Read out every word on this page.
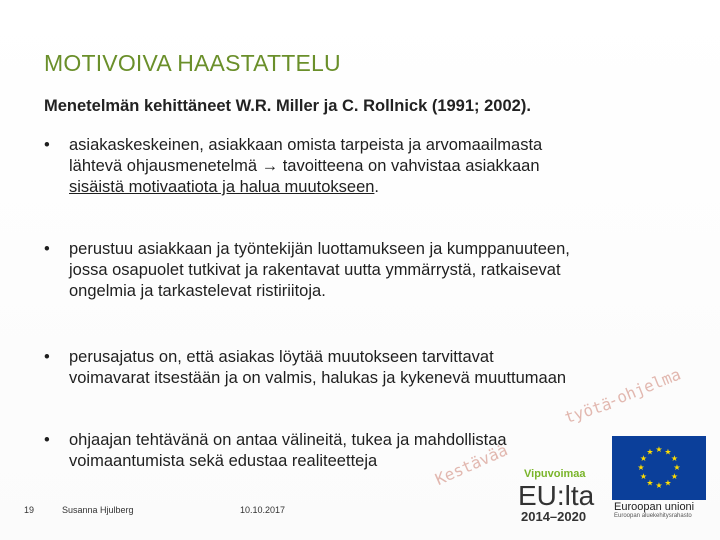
MOTIVOIVA HAASTATTELU
Menetelmän kehittäneet W.R. Miller ja C. Rollnick (1991; 2002).
Kestävää
työtä
-ohjelma
•	asiakaskeskeinen, asiakkaan omista tarpeista ja arvomaailmasta
lähtevä ohjausmenetelmä → tavoitteena on vahvistaa asiakkaan
sisäistä motivaatiota ja halua muutokseen.
•	perustuu asiakkaan ja työntekijän luottamukseen ja kumppanuuteen,
jossa osapuolet tutkivat ja rakentavat uutta ymmärrystä, ratkaisevat
ongelmia ja tarkastelevat ristiriitoja.
•	perusajatus on, että asiakas löytää muutokseen tarvittavat
voimavarat itsestään ja on valmis, halukas ja kykenevä muuttumaan
•	ohjaajan tehtävänä on antaa välineitä, tukea ja mahdollistaa
voimaantumista sekä edustaa realiteetteja
19	Susanna Hjulberg	10.10.2017
Vipuvoimaa
EU:lta
2014–2020
★ ★
★
★
★
★
★
★
★
★
★
★
Euroopan unioni
Euroopan aluekehitysrahasto
